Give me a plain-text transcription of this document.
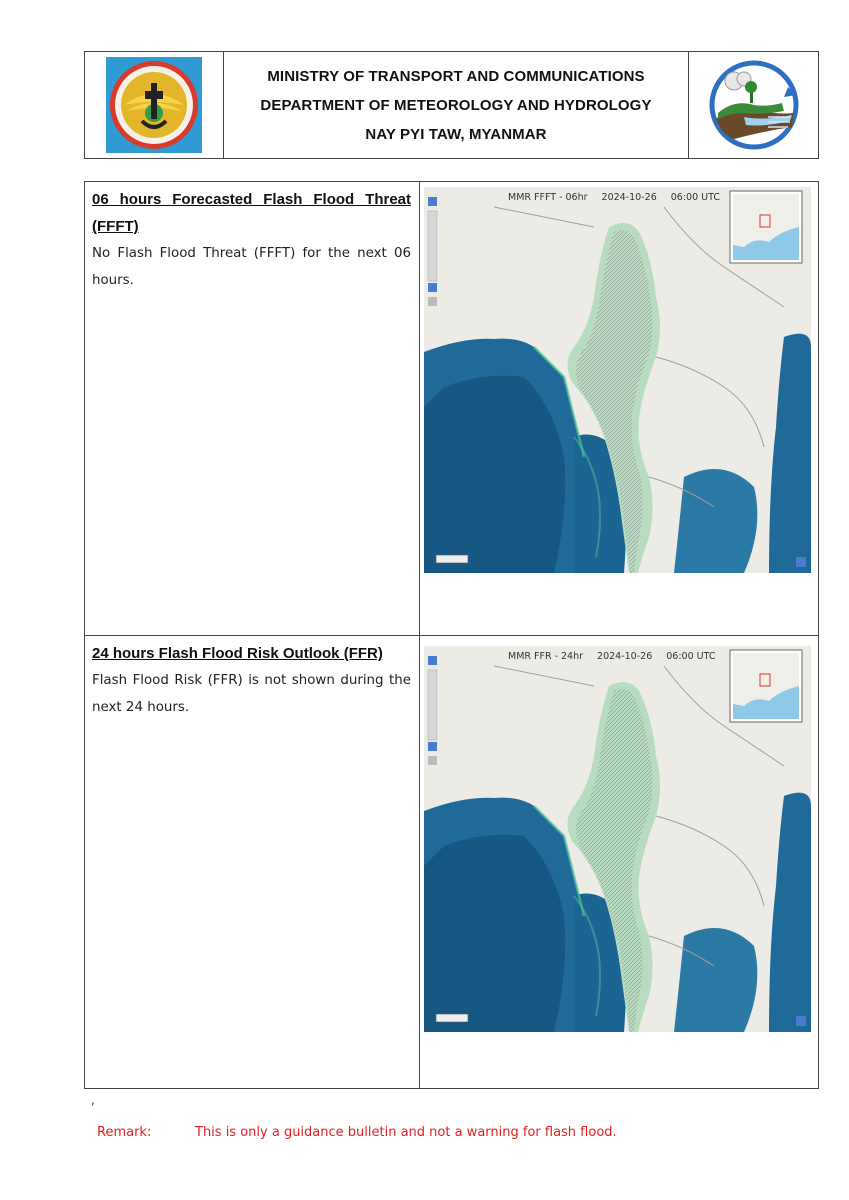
MINISTRY OF TRANSPORT AND COMMUNICATIONS
DEPARTMENT OF METEOROLOGY AND HYDROLOGY
NAY PYI TAW, MYANMAR
06 hours Forecasted Flash Flood Threat (FFFT)
No Flash Flood Threat (FFFT) for the next 06 hours.
MMR FFFT - 06hr 2024-10-26 06:00 UTC
24 hours Flash Flood Risk Outlook (FFR)
Flash Flood Risk (FFR) is not shown during the next 24 hours.
MMR FFR - 24hr 2024-10-26 06:00 UTC
,
Remark:	This is only a guidance bulletin and not a warning for flash flood.
